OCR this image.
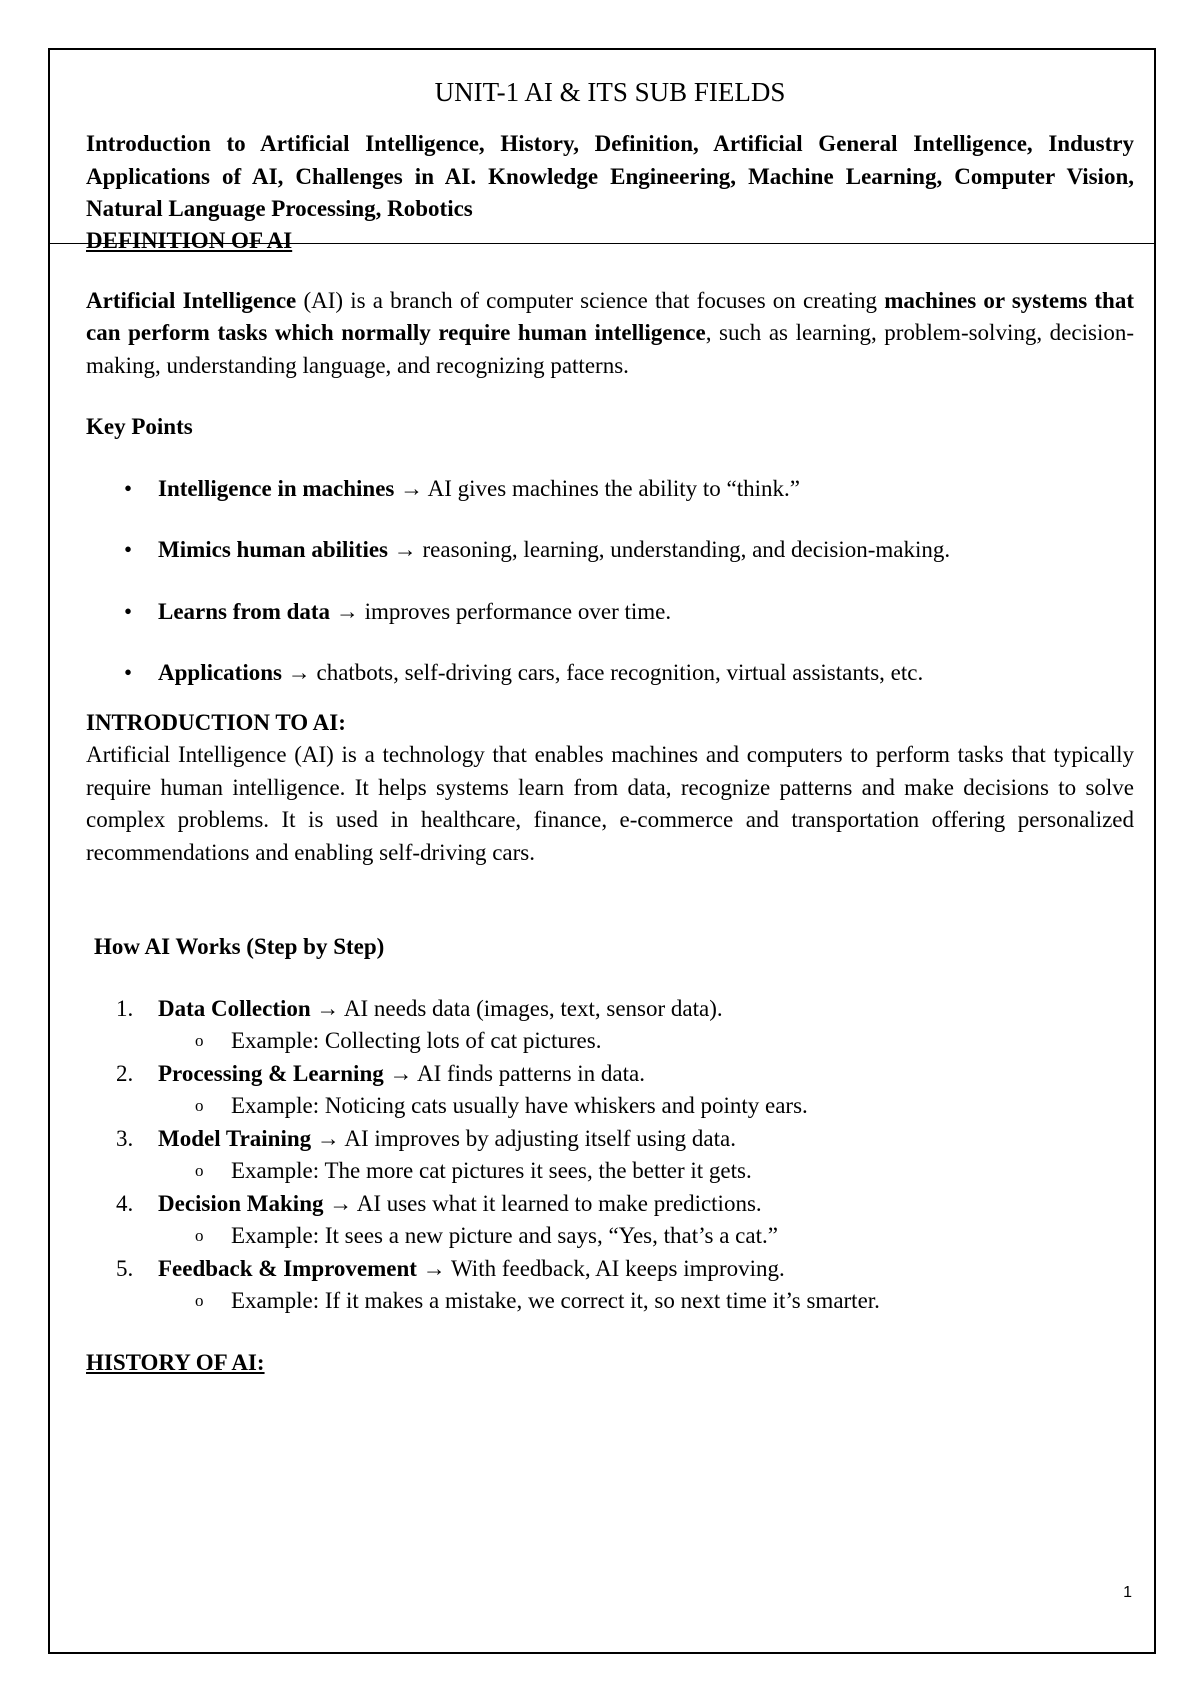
UNIT-1 AI & ITS SUB FIELDS

Introduction to Artificial Intelligence, History, Definition, Artificial General Intelligence, Industry Applications of AI, Challenges in AI. Knowledge Engineering, Machine Learning, Computer Vision, Natural Language Processing, Robotics

DEFINITION OF AI

Artificial Intelligence (AI) is a branch of computer science that focuses on creating machines or systems that can perform tasks which normally require human intelligence, such as learning, problem-solving, decision-making, understanding language, and recognizing patterns.

Key Points

• Intelligence in machines → AI gives machines the ability to “think.”
• Mimics human abilities → reasoning, learning, understanding, and decision-making.
• Learns from data → improves performance over time.
• Applications → chatbots, self-driving cars, face recognition, virtual assistants, etc.

INTRODUCTION TO AI:

Artificial Intelligence (AI) is a technology that enables machines and computers to perform tasks that typically require human intelligence. It helps systems learn from data, recognize patterns and make decisions to solve complex problems. It is used in healthcare, finance, e-commerce and transportation offering personalized recommendations and enabling self-driving cars.

How AI Works (Step by Step)

1. Data Collection → AI needs data (images, text, sensor data).
o Example: Collecting lots of cat pictures.
2. Processing & Learning → AI finds patterns in data.
o Example: Noticing cats usually have whiskers and pointy ears.
3. Model Training → AI improves by adjusting itself using data.
o Example: The more cat pictures it sees, the better it gets.
4. Decision Making → AI uses what it learned to make predictions.
o Example: It sees a new picture and says, “Yes, that’s a cat.”
5. Feedback & Improvement → With feedback, AI keeps improving.
o Example: If it makes a mistake, we correct it, so next time it’s smarter.

HISTORY OF AI:

1
